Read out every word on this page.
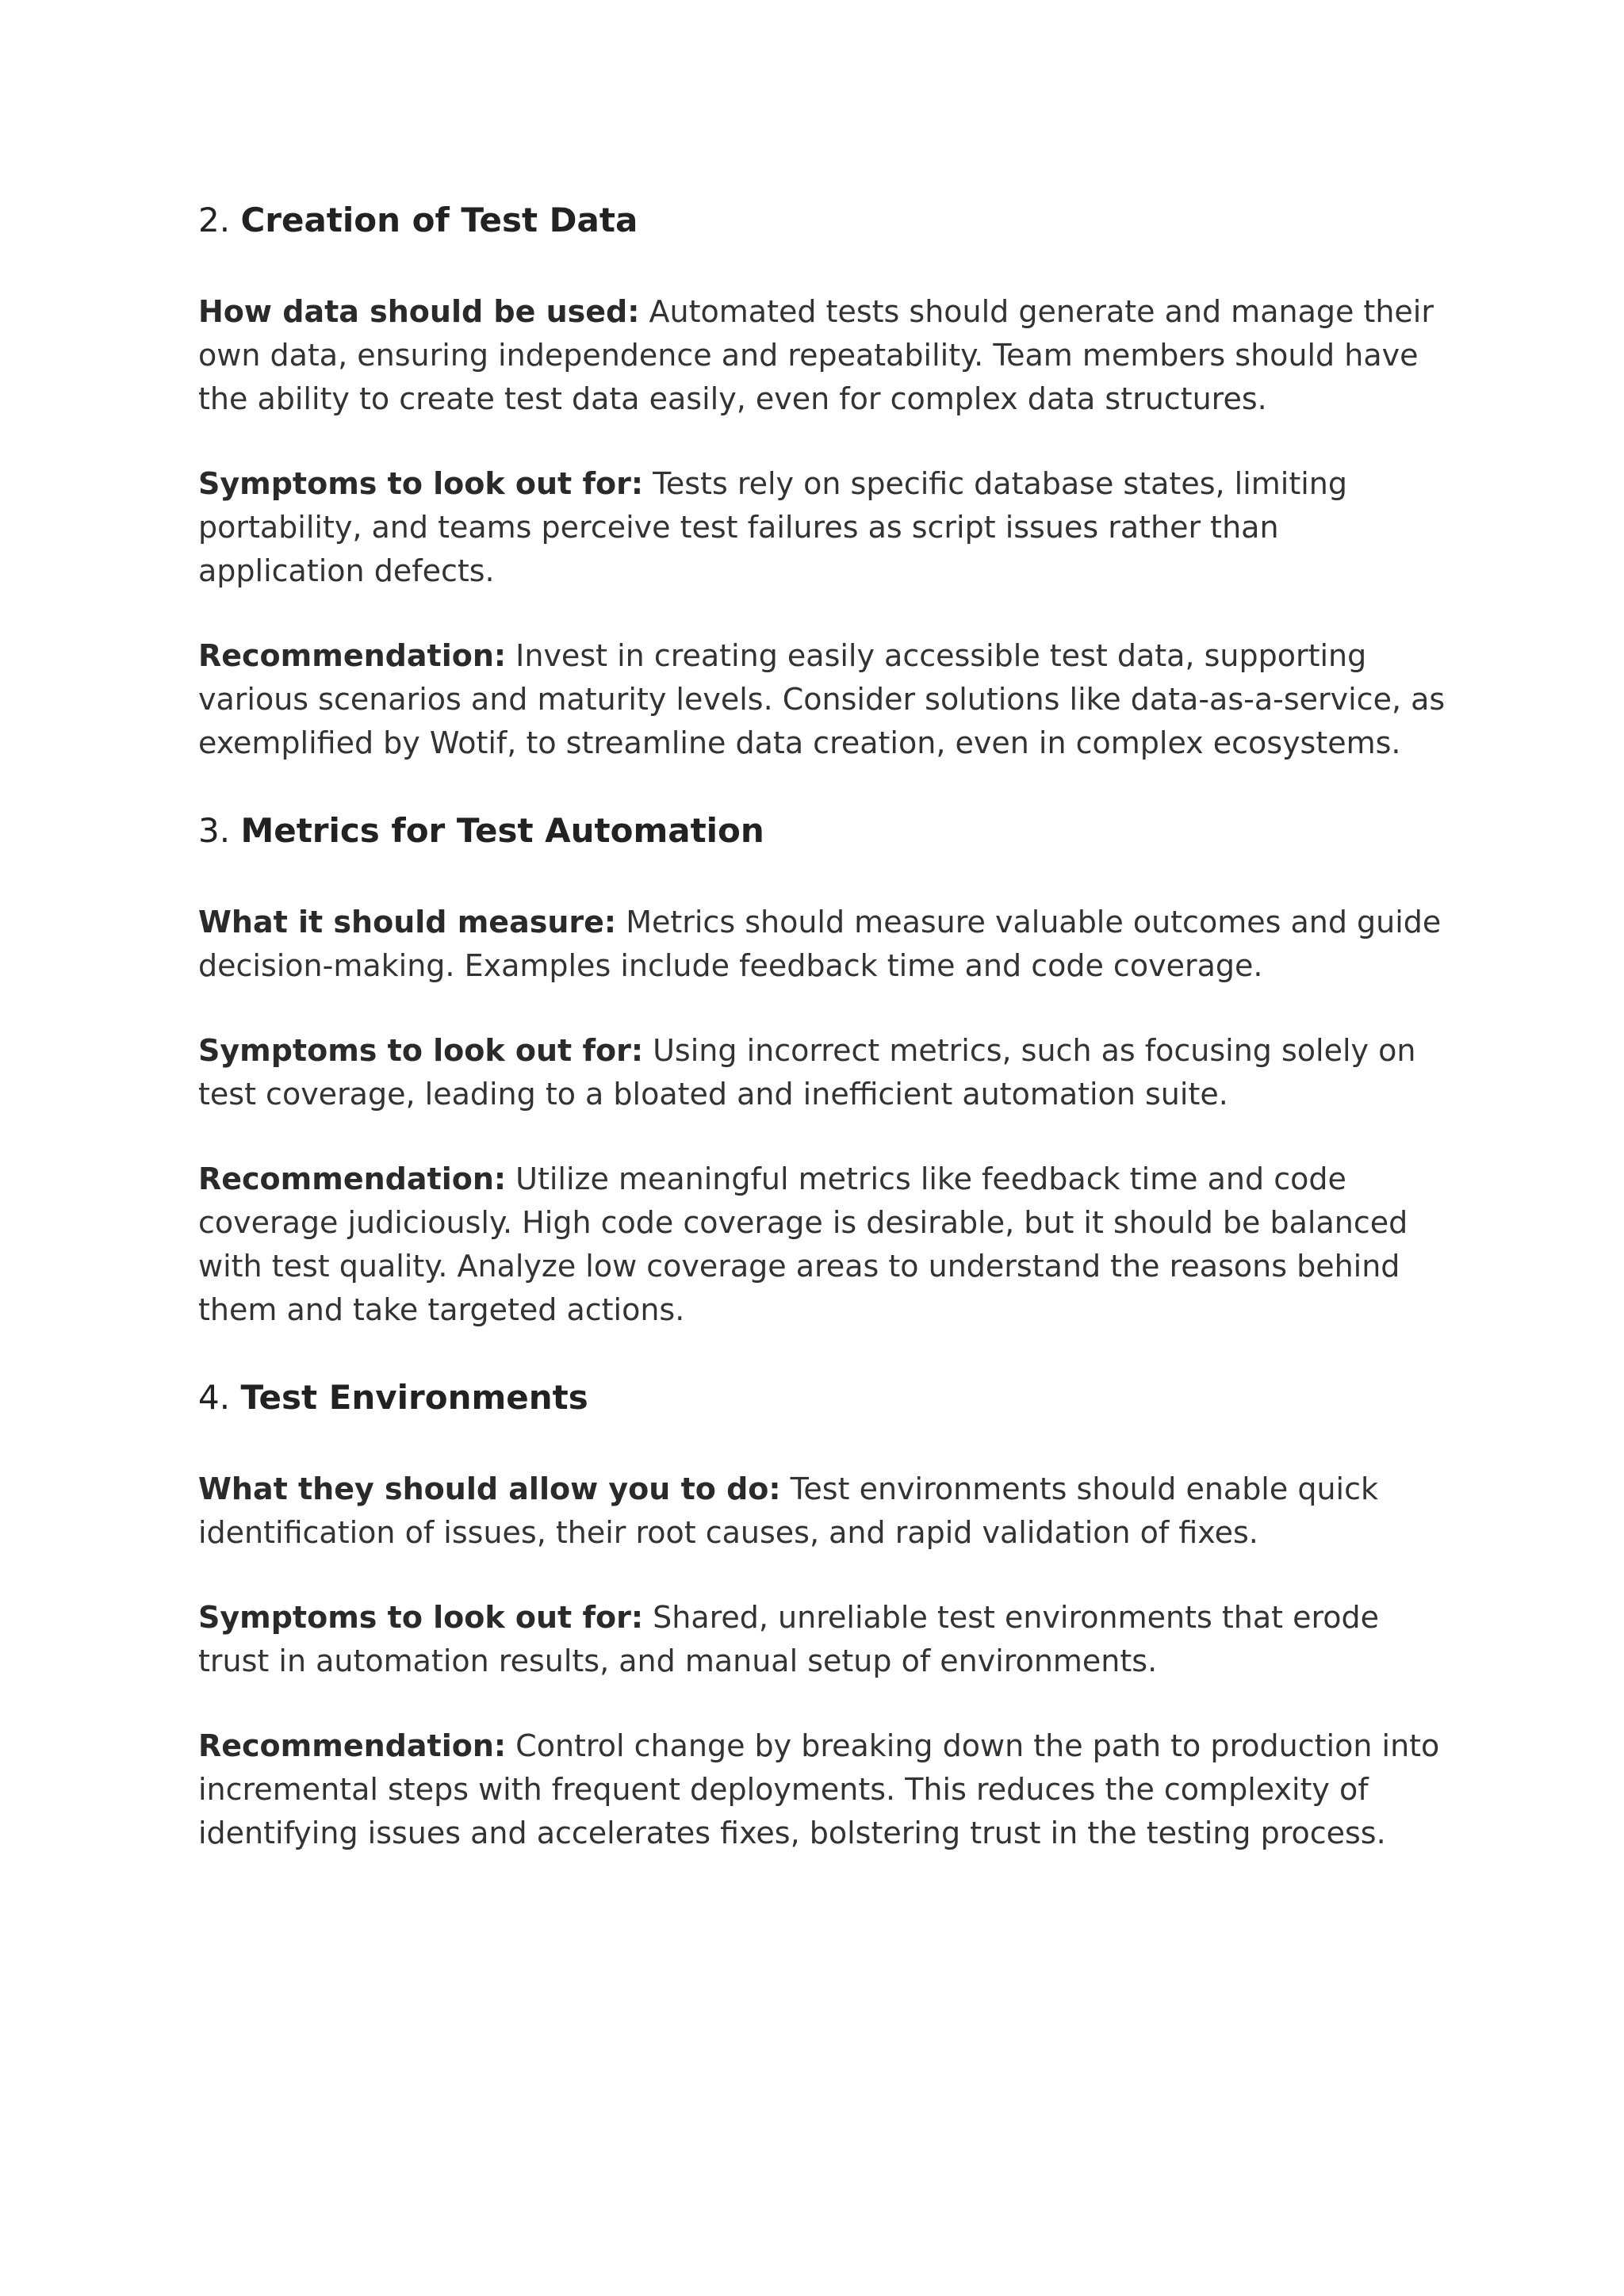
2. Creation of Test Data

How data should be used: Automated tests should generate and manage their own data, ensuring independence and repeatability. Team members should have the ability to create test data easily, even for complex data structures.

Symptoms to look out for: Tests rely on specific database states, limiting portability, and teams perceive test failures as script issues rather than application defects.

Recommendation: Invest in creating easily accessible test data, supporting various scenarios and maturity levels. Consider solutions like data-as-a-service, as exemplified by Wotif, to streamline data creation, even in complex ecosystems.

3. Metrics for Test Automation

What it should measure: Metrics should measure valuable outcomes and guide decision-making. Examples include feedback time and code coverage.

Symptoms to look out for: Using incorrect metrics, such as focusing solely on test coverage, leading to a bloated and inefficient automation suite.

Recommendation: Utilize meaningful metrics like feedback time and code coverage judiciously. High code coverage is desirable, but it should be balanced with test quality. Analyze low coverage areas to understand the reasons behind them and take targeted actions.

4. Test Environments

What they should allow you to do: Test environments should enable quick identification of issues, their root causes, and rapid validation of fixes.

Symptoms to look out for: Shared, unreliable test environments that erode trust in automation results, and manual setup of environments.

Recommendation: Control change by breaking down the path to production into incremental steps with frequent deployments. This reduces the complexity of identifying issues and accelerates fixes, bolstering trust in the testing process.
